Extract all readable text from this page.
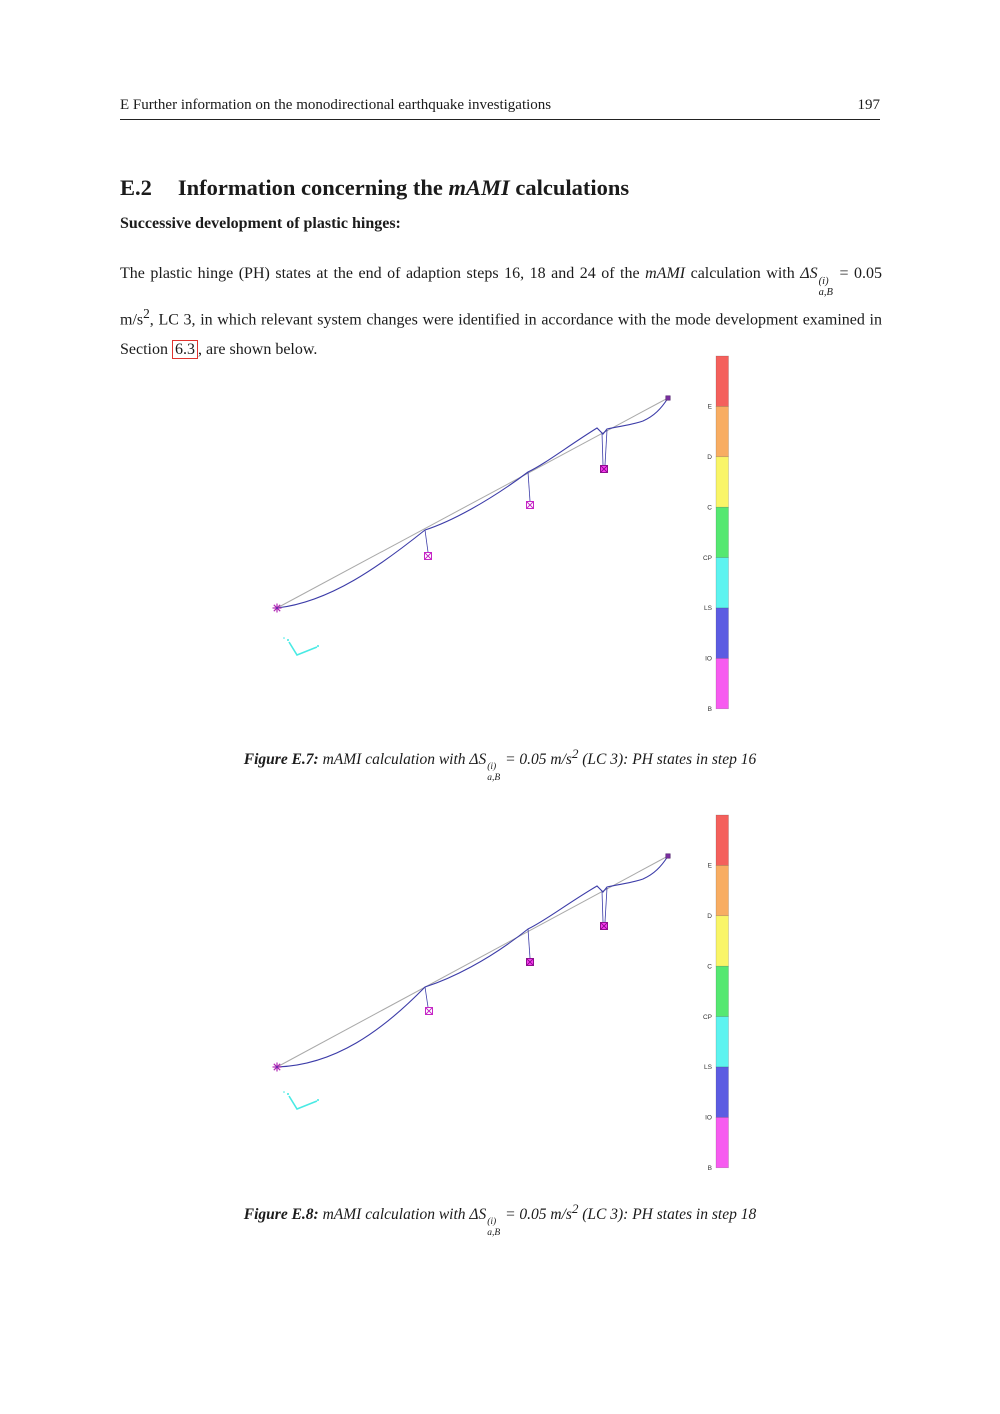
E Further information on the monodirectional earthquake investigations	197
E.2 Information concerning the mAMI calculations
Successive development of plastic hinges:

The plastic hinge (PH) states at the end of adaption steps 16, 18 and 24 of the mAMI calculation with ΔS (i)
a,B
= 0.05 $m/s^2$, LC 3, in which relevant system changes were identified in accordance with the mode development examined in Section 6.3 , are shown below.

E
D
C
CP
LS
IO
B
Figure E.7: mAMI calculation with ΔS (i)
a,B
= 0.05 $m/s^2$ (LC 3): PH states in step 16
E
D
C
CP
LS
IO
B
Figure E.8: mAMI calculation with ΔS (i)
a,B
= 0.05 $m/s^2$ (LC 3): PH states in step 18
